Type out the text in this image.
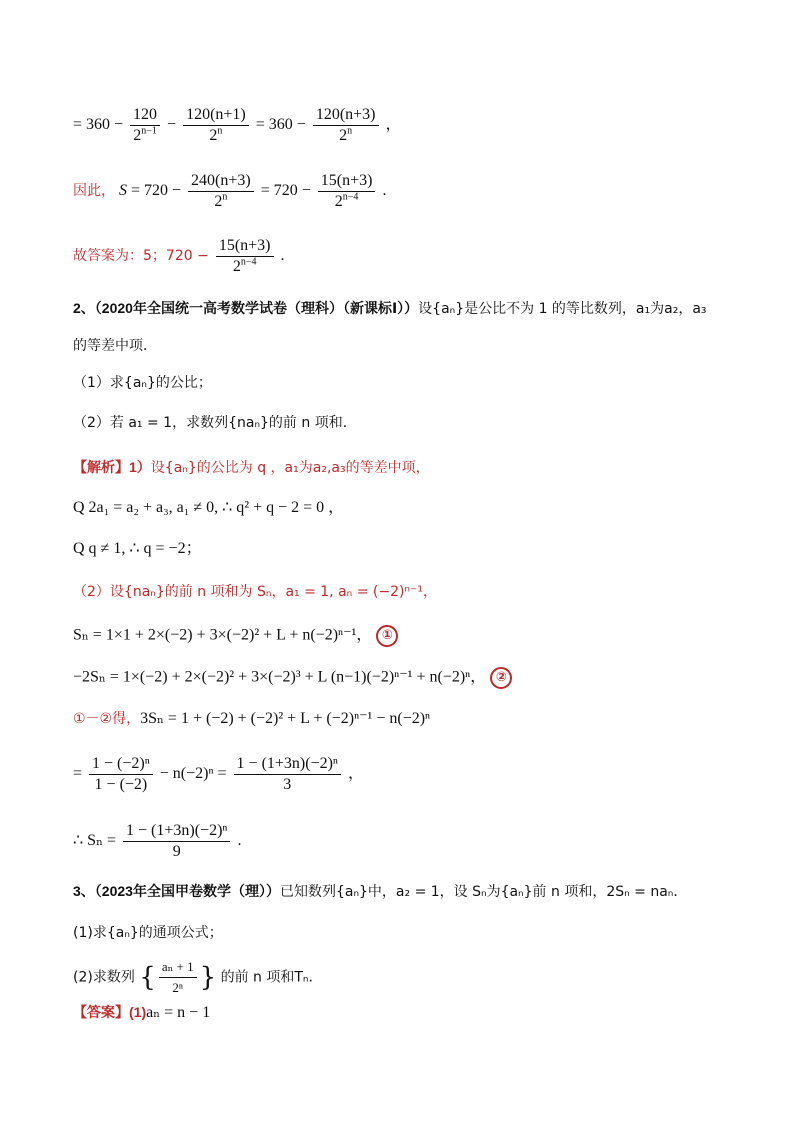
= $360 - \frac{120}{2^{n-1}} - \frac{120(n+1)}{2^n} = 360 - \frac{120(n+3)}{2^n}$ ，
因此， $S = 720 - \frac{240(n+3)}{2^n} = 720 - \frac{15(n+3)}{2^{n-4}}$ .
故答案为：5；$720 - \frac{15(n+3)}{2^{n-4}}$ .
2、（2020年全国统一高考数学试卷（理科）（新课标Ⅰ））设{aₙ}是公比不为 1 的等比数列，a₁为a₂，a₃
的等差中项．
（1）求{aₙ}的公比；
（2）若 a₁ = 1，求数列{naₙ}的前 n 项和．
【解析】1）设{aₙ}的公比为 q ，a₁为a₂,a₃的等差中项，
Q 2a₁ = a₂ + a₃, a₁ ≠ 0, ∴ q² + q − 2 = 0 ，
Q q ≠ 1, ∴ q = −2；
（2）设{naₙ}的前 n 项和为 Sₙ，a₁ = 1, aₙ = (−2)ⁿ⁻¹，
Sₙ = 1×1 + 2×(−2) + 3×(−2)² + L + n(−2)ⁿ⁻¹， ①
−2Sₙ = 1×(−2) + 2×(−2)² + 3×(−2)³ + L (n−1)(−2)ⁿ⁻¹ + n(−2)ⁿ， ②
①－②得，3Sₙ = 1 + (−2) + (−2)² + L + (−2)ⁿ⁻¹ − n(−2)ⁿ
= $\frac{\text{1 − (−2)ⁿ}}{1 - (-2)} - n(-2)^n = \frac{\text{1 − (1+3n)(−2)ⁿ}}{3}$ ，
∴ $S_n = \frac{\text{1 − (1+3n)(−2)ⁿ}}{9}$ .
3、（2023年全国甲卷数学（理））已知数列{aₙ}中，a₂ = 1，设 Sₙ为{aₙ}前 n 项和，2Sₙ = naₙ．
(1)求{aₙ}的通项公式；
(2)求数列 { $\frac{\text{aₙ + 1}}{\text{2ⁿ}}$ } 的前 n 项和Tₙ．
【答案】(1)aₙ = n − 1
